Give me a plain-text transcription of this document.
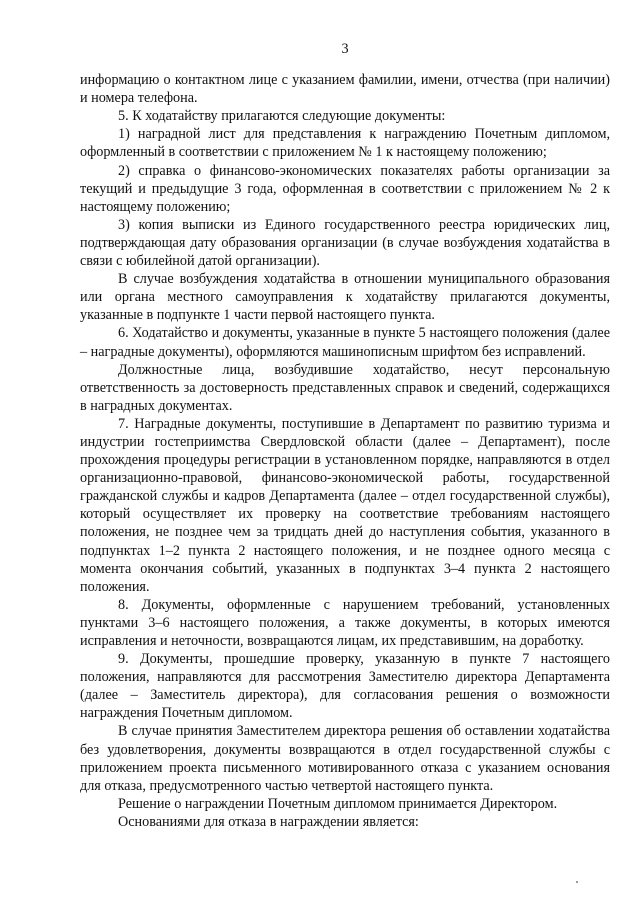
3

информацию о контактном лице с указанием фамилии, имени, отчества (при наличии) и номера телефона.

5. К ходатайству прилагаются следующие документы:

1) наградной лист для представления к награждению Почетным дипломом, оформленный в соответствии с приложением № 1 к настоящему положению;

2) справка о финансово-экономических показателях работы организации за текущий и предыдущие 3 года, оформленная в соответствии с приложением № 2 к настоящему положению;

3) копия выписки из Единого государственного реестра юридических лиц, подтверждающая дату образования организации (в случае возбуждения ходатайства в связи с юбилейной датой организации).

В случае возбуждения ходатайства в отношении муниципального образования или органа местного самоуправления к ходатайству прилагаются документы, указанные в подпункте 1 части первой настоящего пункта.

6. Ходатайство и документы, указанные в пункте 5 настоящего положения (далее – наградные документы), оформляются машинописным шрифтом без исправлений.

Должностные лица, возбудившие ходатайство, несут персональную ответственность за достоверность представленных справок и сведений, содержащихся в наградных документах.

7. Наградные документы, поступившие в Департамент по развитию туризма и индустрии гостеприимства Свердловской области (далее – Департамент), после прохождения процедуры регистрации в установленном порядке, направляются в отдел организационно-правовой, финансово-экономической работы, государственной гражданской службы и кадров Департамента (далее – отдел государственной службы), который осуществляет их проверку на соответствие требованиям настоящего положения, не позднее чем за тридцать дней до наступления события, указанного в подпунктах 1–2 пункта 2 настоящего положения, и не позднее одного месяца с момента окончания событий, указанных в подпунктах 3–4 пункта 2 настоящего положения.

8. Документы, оформленные с нарушением требований, установленных пунктами 3–6 настоящего положения, а также документы, в которых имеются исправления и неточности, возвращаются лицам, их представившим, на доработку.

9. Документы, прошедшие проверку, указанную в пункте 7 настоящего положения, направляются для рассмотрения Заместителю директора Департамента (далее – Заместитель директора), для согласования решения о возможности награждения Почетным дипломом.

В случае принятия Заместителем директора решения об оставлении ходатайства без удовлетворения, документы возвращаются в отдел государственной службы с приложением проекта письменного мотивированного отказа с указанием основания для отказа, предусмотренного частью четвертой настоящего пункта.

Решение о награждении Почетным дипломом принимается Директором.

Основаниями для отказа в награждении является:
